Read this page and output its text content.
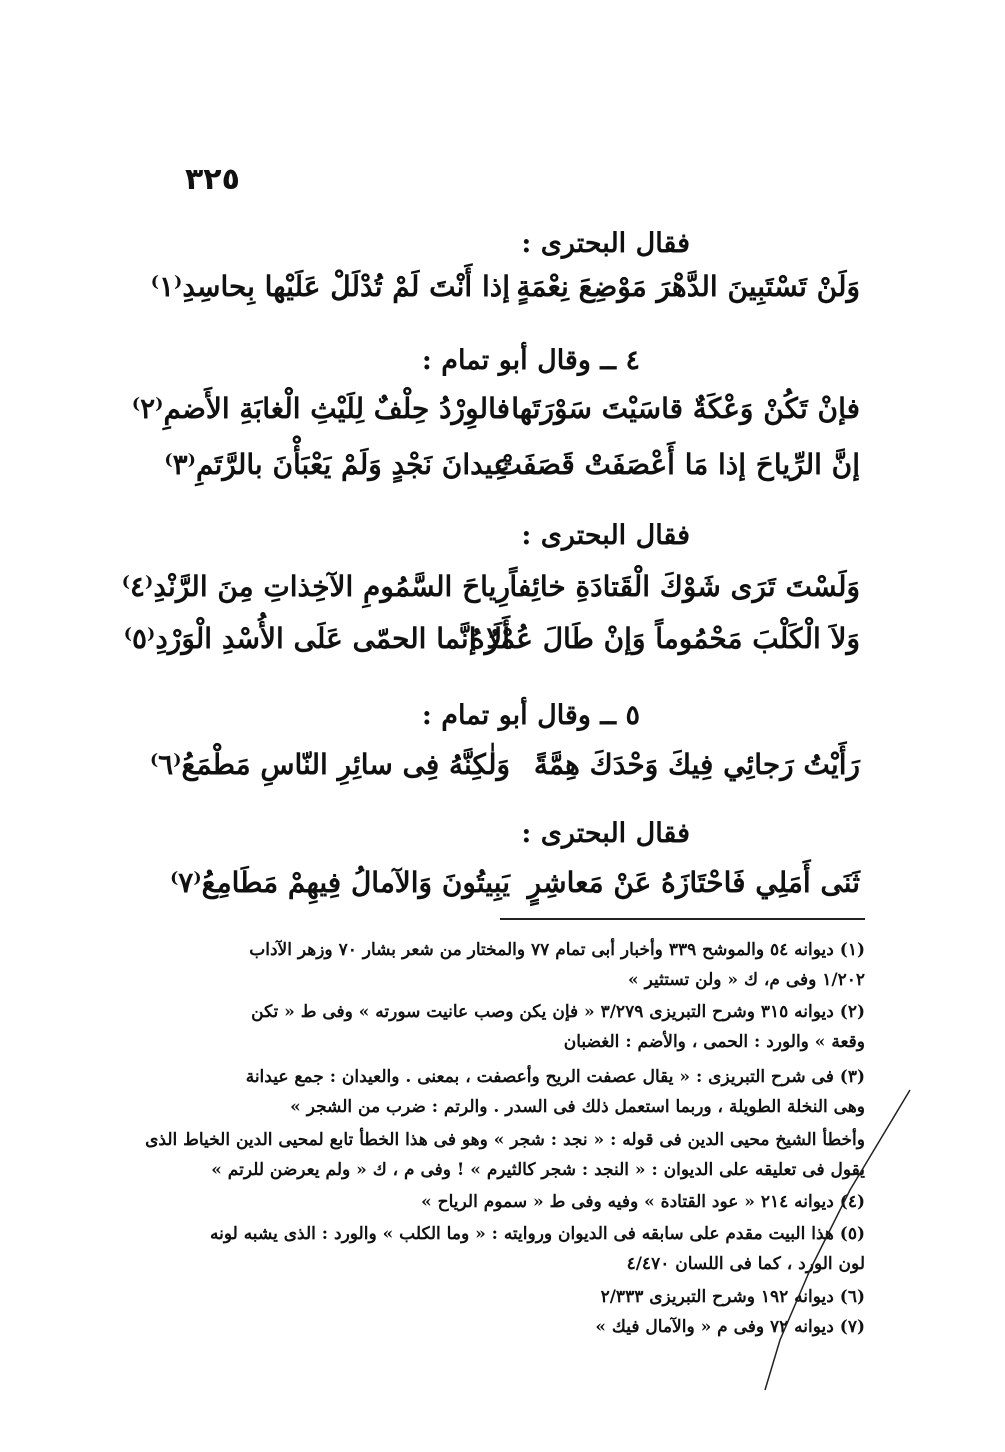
٣٢٥
فقال البحترى :
وَلَنْ تَسْتَبِينَ الدَّهْرَ مَوْضِعَ نِعْمَةٍ
إذا أَنْتَ لَمْ تُدْلَلْ عَلَيْها بِحاسِدِ⁽١⁾
٤ ــ وقال أبو تمام :
فإنْ تَكُنْ وَعْكَةٌ قاسَيْتَ سَوْرَتَها
فالوِرْدُ حِلْفٌ لِلَيْثِ الْغابَةِ الأَضمِ⁽٢⁾
إنَّ الرِّياحَ إذا مَا أَعْصَفَتْ قَصَفَتْ
عِيدانَ نَجْدٍ وَلَمْ يَعْبَأْنَ بالرَّتَمِ⁽٣⁾
فقال البحترى :
وَلَسْتَ تَرَى شَوْكَ الْقَتادَةِ خائِفاً
رِياحَ السَّمُومِ الآخِذاتِ مِنَ الرَّنْدِ⁽٤⁾
وَلاَ الْكَلْبَ مَحْمُوماً وَإنْ طَالَ عُمْرُهُ
أَلَا إنَّما الحمّى عَلَى الأُسْدِ الْوَرْدِ⁽٥⁾
٥ ــ وقال أبو تمام :
رَأَيْتُ رَجائِي فِيكَ وَحْدَكَ هِمَّةً
وَلٰكِنَّهُ فِى سائِرِ النّاسِ مَطْمَعُ⁽٦⁾
فقال البحترى :
ثَنَى أَمَلِي فَاحْتَازَهُ عَنْ مَعاشِرٍ
يَبِيتُونَ وَالآمالُ فِيهِمْ مَطَامِعُ⁽٧⁾
(١) ديوانه ٥٤ والموشح ٣٣٩ وأخبار أبى تمام ٧٧ والمختار من شعر بشار ٧٠ وزهر الآداب
١/٢٠٢ وفى م، ك « ولن تستثير »
(٢) ديوانه ٣١٥ وشرح التبريزى ٣/٢٧٩ « فإن يكن وصب عانيت سورته » وفى ط « تكن
وقعة » والورد : الحمى ، والأضم : الغضبان
(٣) فى شرح التبريزى : « يقال عصفت الريح وأعصفت ، بمعنى . والعيدان : جمع عيدانة
وهى النخلة الطويلة ، وربما استعمل ذلك فى السدر . والرتم : ضرب من الشجر »
وأخطأ الشيخ محيى الدين فى قوله : « نجد : شجر » وهو فى هذا الخطأ تابع لمحيى الدين الخياط الذى
يقول فى تعليقه على الديوان : « النجد : شجر كالثيرم » ! وفى م ، ك « ولم يعرضن للرتم »
(٤) ديوانه ٢١٤ « عود القتادة » وفيه وفى ط « سموم الرياح »
(٥) هذا البيت مقدم على سابقه فى الديوان وروايته : « وما الكلب » والورد : الذى يشبه لونه
لون الورد ، كما فى اللسان ٤/٤٧٠
(٦) ديوانه ١٩٢ وشرح التبريزى ٢/٣٣٣
(٧) ديوانه ٧٢ وفى م « والآمال فيك »
